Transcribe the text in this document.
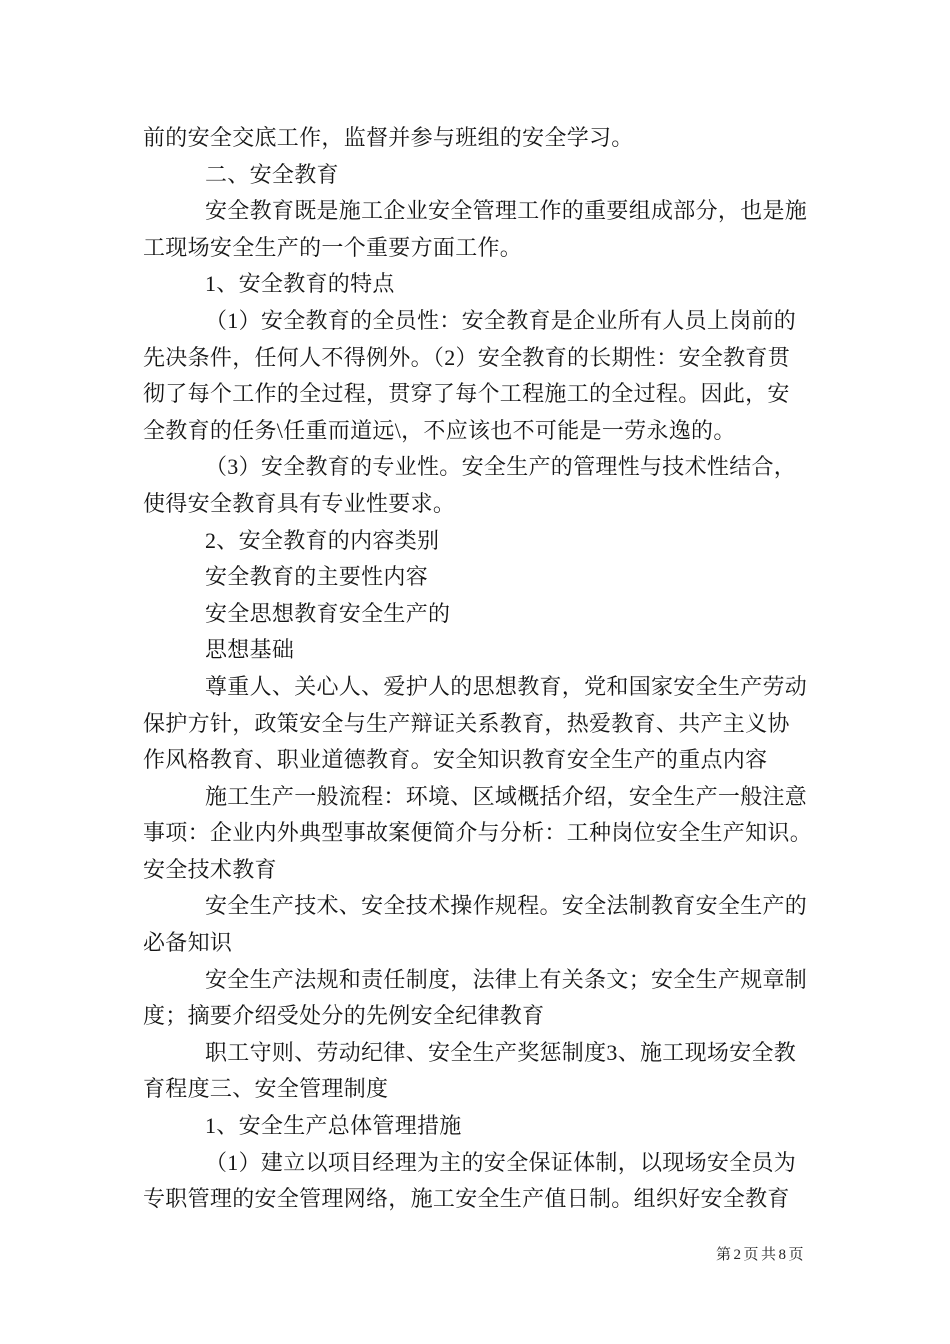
前的安全交底工作，监督并参与班组的安全学习。
二、安全教育
安全教育既是施工企业安全管理工作的重要组成部分，也是施
工现场安全生产的一个重要方面工作。
1、安全教育的特点
（1）安全教育的全员性：安全教育是企业所有人员上岗前的
先决条件，任何人不得例外。（2）安全教育的长期性：安全教育贯
彻了每个工作的全过程，贯穿了每个工程施工的全过程。因此，安
全教育的任务\任重而道远\，不应该也不可能是一劳永逸的。
（3）安全教育的专业性。安全生产的管理性与技术性结合，
使得安全教育具有专业性要求。
2、安全教育的内容类别
安全教育的主要性内容
安全思想教育安全生产的
思想基础
尊重人、关心人、爱护人的思想教育，党和国家安全生产劳动
保护方针，政策安全与生产辩证关系教育，热爱教育、共产主义协
作风格教育、职业道德教育。安全知识教育安全生产的重点内容
施工生产一般流程：环境、区域概括介绍，安全生产一般注意
事项：企业内外典型事故案便简介与分析：工种岗位安全生产知识。
安全技术教育
安全生产技术、安全技术操作规程。安全法制教育安全生产的
必备知识
安全生产法规和责任制度，法律上有关条文；安全生产规章制
度；摘要介绍受处分的先例安全纪律教育
职工守则、劳动纪律、安全生产奖惩制度3、施工现场安全教
育程度三、安全管理制度
1、安全生产总体管理措施
（1）建立以项目经理为主的安全保证体制，以现场安全员为
专职管理的安全管理网络，施工安全生产值日制。组织好安全教育
第2页共8页
